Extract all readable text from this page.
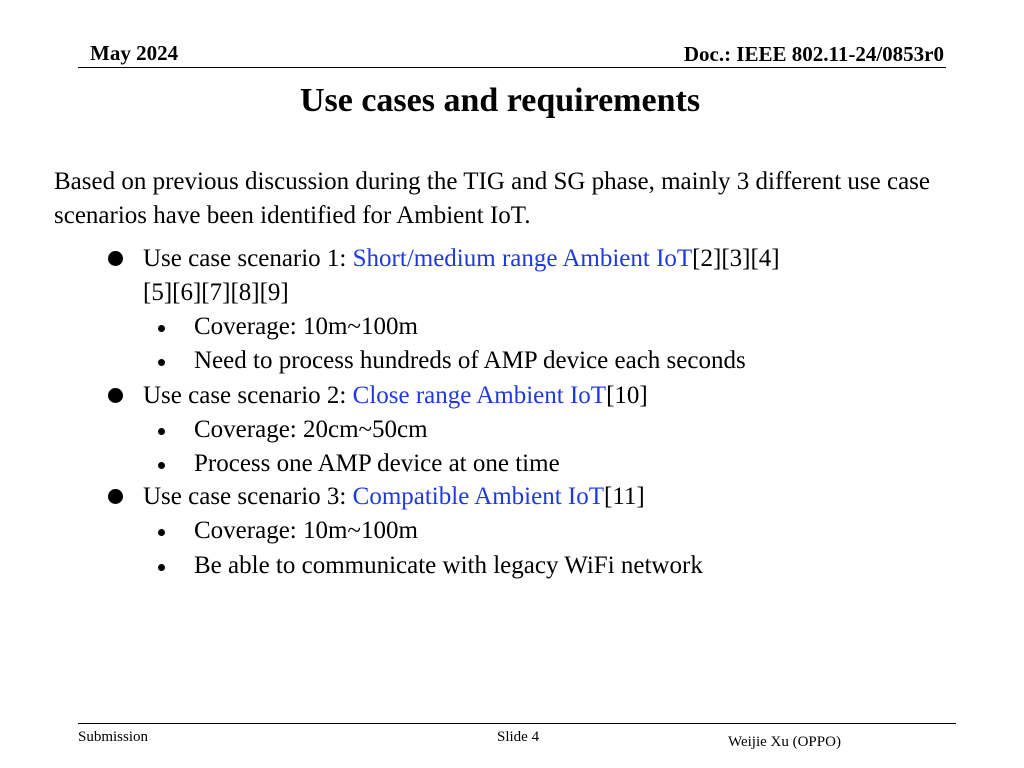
May 2024	Doc.: IEEE 802.11-24/0853r0
Use cases and requirements
Based on previous discussion during the TIG and SG phase, mainly 3 different use case scenarios have been identified for Ambient IoT.
Use case scenario 1: Short/medium range Ambient IoT[2][3][4][5][6][7][8][9]
Coverage: 10m~100m
Need to process hundreds of AMP device each seconds
Use case scenario 2: Close range Ambient IoT[10]
Coverage: 20cm~50cm
Process one AMP device at one time
Use case scenario 3: Compatible Ambient IoT[11]
Coverage: 10m~100m
Be able to communicate with legacy WiFi network
Submission	Slide 4	Weijie Xu (OPPO)
